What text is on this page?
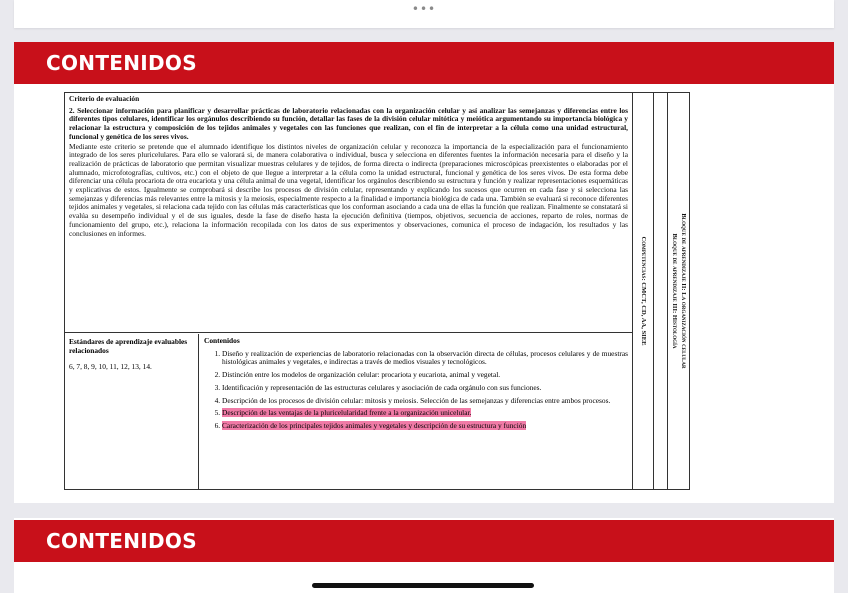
•••
CONTENIDOS
Criterio de evaluación
2. Seleccionar información para planificar y desarrollar prácticas de laboratorio relacionadas con la organización celular y así analizar las semejanzas y diferencias entre los diferentes tipos celulares, identificar los orgánulos describiendo su función, detallar las fases de la división celular mitótica y meiótica argumentando su importancia biológica y relacionar la estructura y composición de los tejidos animales y vegetales con las funciones que realizan, con el fin de interpretar a la célula como una unidad estructural, funcional y genética de los seres vivos.
Mediante este criterio se pretende que el alumnado identifique los distintos niveles de organización celular y reconozca la importancia de la especialización para el funcionamiento integrado de los seres pluricelulares. Para ello se valorará si, de manera colaborativa o individual, busca y selecciona en diferentes fuentes la información necesaria para el diseño y la realización de prácticas de laboratorio que permitan visualizar muestras celulares y de tejidos, de forma directa o indirecta (preparaciones microscópicas preexistentes o elaboradas por el alumnado, microfotografías, cultivos, etc.) con el objeto de que llegue a interpretar a la célula como la unidad estructural, funcional y genética de los seres vivos. De esta forma debe diferenciar una célula procariota de otra eucariota y una célula animal de una vegetal, identificar los orgánulos describiendo su estructura y función y realizar representaciones esquemáticas y explicativas de estos. Igualmente se comprobará si describe los procesos de división celular, representando y explicando los sucesos que ocurren en cada fase y si selecciona las semejanzas y diferencias más relevantes entre la mitosis y la meiosis, especialmente respecto a la finalidad e importancia biológica de cada una. También se evaluará si reconoce diferentes tejidos animales y vegetales, si relaciona cada tejido con las células más características que los conforman asociando a cada una de ellas la función que realizan. Finalmente se constatará si evalúa su desempeño individual y el de sus iguales, desde la fase de diseño hasta la ejecución definitiva (tiempos, objetivos, secuencia de acciones, reparto de roles, normas de funcionamiento del grupo, etc.), relaciona la información recopilada con los datos de sus experimentos y observaciones, comunica el proceso de indagación, los resultados y las conclusiones en informes.
Estándares de aprendizaje evaluables relacionados
6, 7, 8, 9, 10, 11, 12, 13, 14.
Contenidos
1. Diseño y realización de experiencias de laboratorio relacionadas con la observación directa de células, procesos celulares y de muestras histológicas animales y vegetales, e indirectas a través de medios visuales y tecnológicos.
2. Distinción entre los modelos de organización celular: procariota y eucariota, animal y vegetal.
3. Identificación y representación de las estructuras celulares y asociación de cada orgánulo con sus funciones.
4. Descripción de los procesos de división celular: mitosis y meiosis. Selección de las semejanzas y diferencias entre ambos procesos.
5. Descripción de las ventajas de la pluricelularidad frente a la organización unicelular.
6. Caracterización de los principales tejidos animales y vegetales y descripción de su estructura y función
Competencias: CMCT, CD, AA, SIEE	Bloque de aprendizaje II: La organización celular
Bloque de aprendizaje III: Histología
CONTENIDOS
